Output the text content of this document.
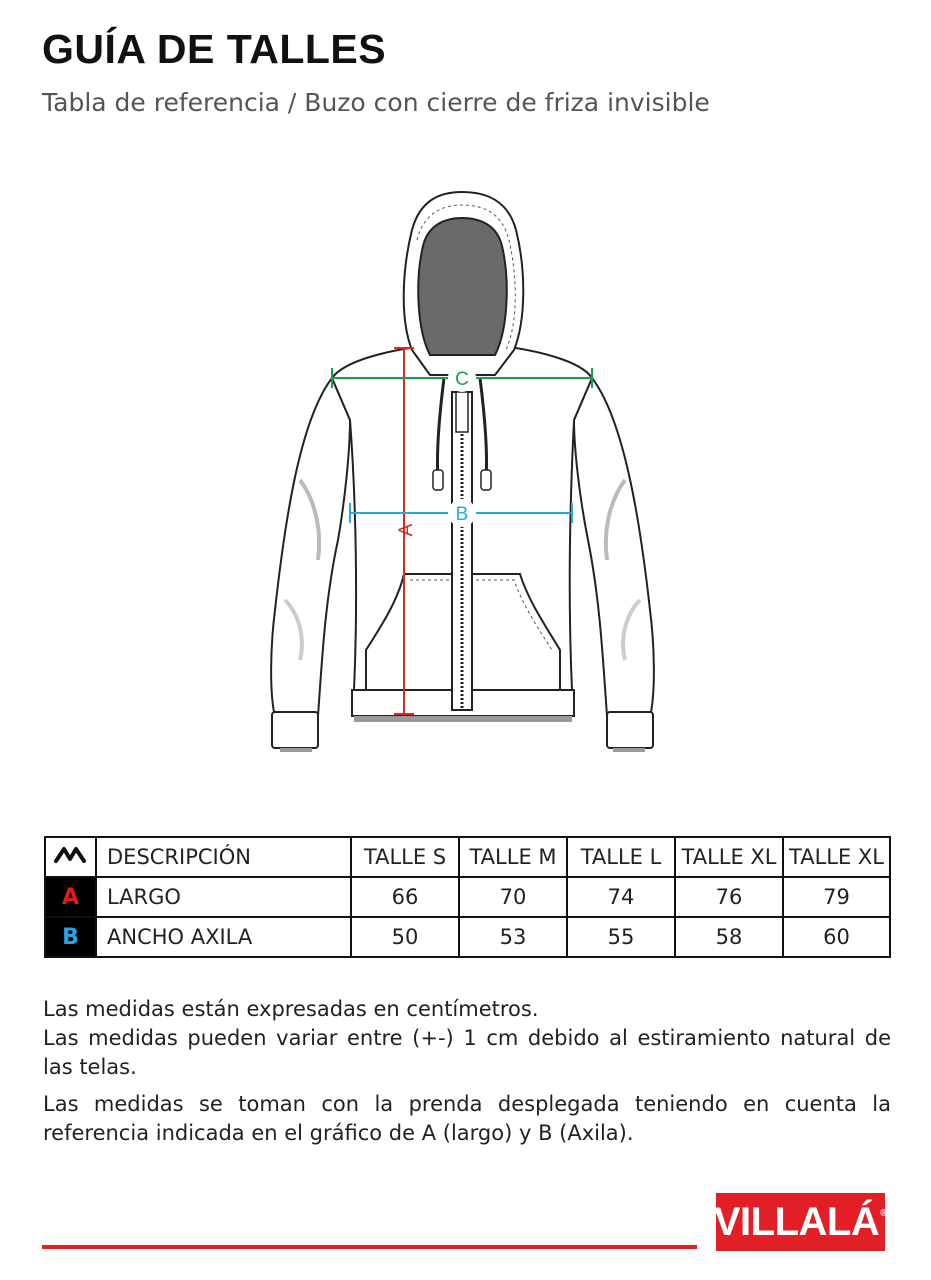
GUÍA DE TALLES
Tabla de referencia / Buzo con cierre de friza invisible
A
C
B
	DESCRIPCIÓN	TALLE S	TALLE M	TALLE L	TALLE XL	TALLE XL
A	LARGO	66	70	74	76	79
B	ANCHO AXILA	50	53	55	58	60

Las medidas están expresadas en centímetros.

Las medidas pueden variar entre (+-) 1 cm debido al estiramiento natural de las telas.

Las medidas se toman con la prenda desplegada teniendo en cuenta la referencia indicada en el gráfico de A (largo) y B (Axila).

VILLALÁ®
